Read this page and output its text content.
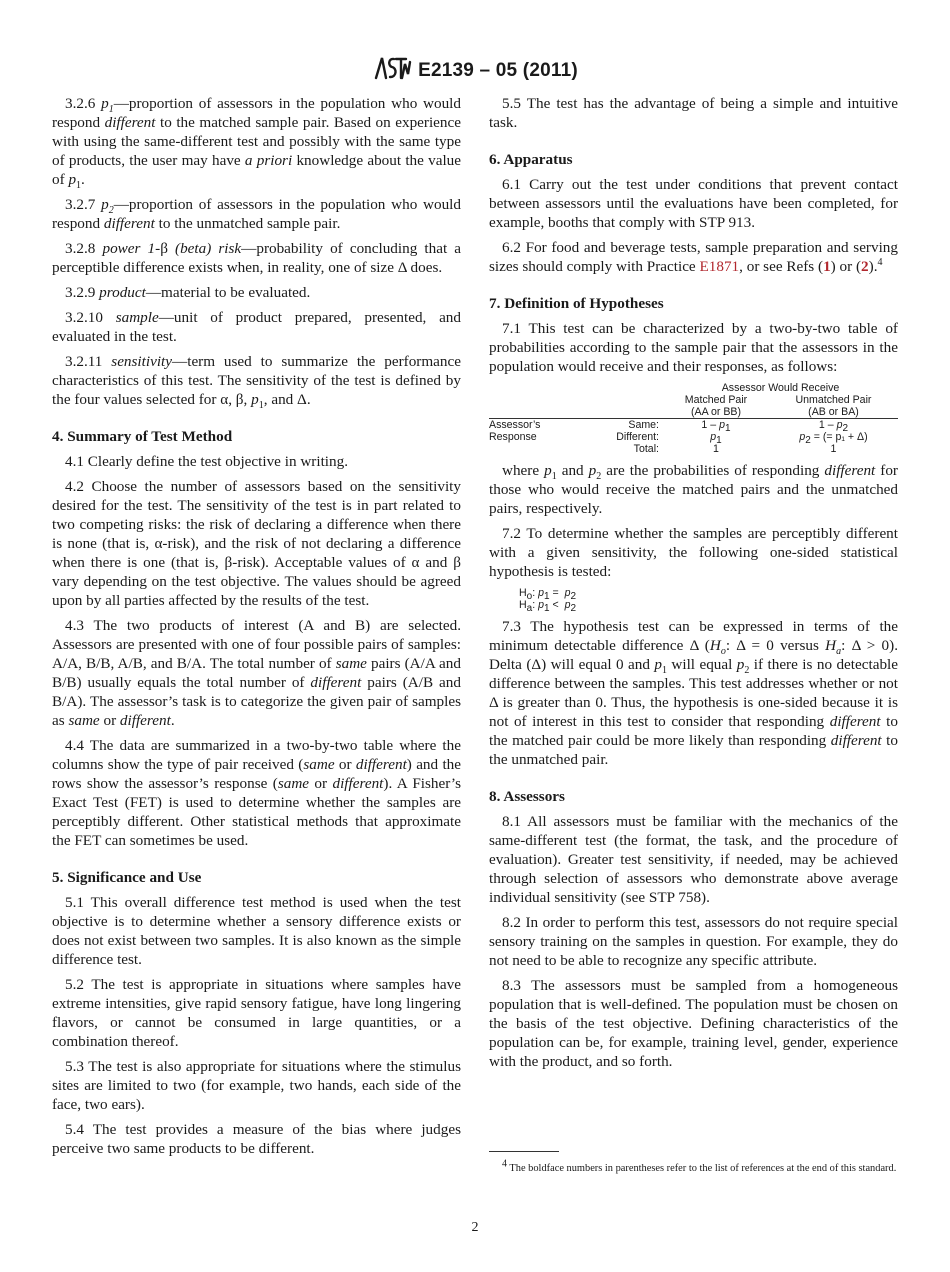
E2139 – 05 (2011)

3.2.6 $p_1—proportion$ of assessors in the population who would respond different to the matched sample pair. Based on experience with using the same-different test and possibly with the same type of products, the user may have a priori knowledge about the value of $p_1$.

3.2.7 $p_2—proportion$ of assessors in the population who would respond different to the unmatched sample pair.

3.2.8 power 1-β (beta) risk—probability of concluding that a perceptible difference exists when, in reality, one of size Δ does.

3.2.9 product—material to be evaluated.

3.2.10 sample—unit of product prepared, presented, and evaluated in the test.

3.2.11 sensitivity—term used to summarize the performance characteristics of this test. The sensitivity of the test is defined by the four values selected for α, β, $p_1$, and Δ.

4. Summary of Test Method

4.1 Clearly define the test objective in writing.

4.2 Choose the number of assessors based on the sensitivity desired for the test. The sensitivity of the test is in part related to two competing risks: the risk of declaring a difference when there is none (that is, α-risk), and the risk of not declaring a difference when there is one (that is, β-risk). Acceptable values of α and β vary depending on the test objective. The values should be agreed upon by all parties affected by the results of the test.

4.3 The two products of interest (A and B) are selected. Assessors are presented with one of four possible pairs of samples: A/A, B/B, A/B, and B/A. The total number of same pairs (A/A and B/B) usually equals the total number of different pairs (A/B and B/A). The assessor’s task is to categorize the given pair of samples as same or different.

4.4 The data are summarized in a two-by-two table where the columns show the type of pair received (same or different) and the rows show the assessor’s response (same or different). A Fisher’s Exact Test (FET) is used to determine whether the samples are perceptibly different. Other statistical methods that approximate the FET can sometimes be used.

5. Significance and Use

5.1 This overall difference test method is used when the test objective is to determine whether a sensory difference exists or does not exist between two samples. It is also known as the simple difference test.

5.2 The test is appropriate in situations where samples have extreme intensities, give rapid sensory fatigue, have long lingering flavors, or cannot be consumed in large quantities, or a combination thereof.

5.3 The test is also appropriate for situations where the stimulus sites are limited to two (for example, two hands, each side of the face, two ears).

5.4 The test provides a measure of the bias where judges perceive two same products to be different.

5.5 The test has the advantage of being a simple and intuitive task.

6. Apparatus

6.1 Carry out the test under conditions that prevent contact between assessors until the evaluations have been completed, for example, booths that comply with STP 913.

6.2 For food and beverage tests, sample preparation and serving sizes should comply with Practice E1871, or see Refs (1) or (2).$^4$

7. Definition of Hypotheses

7.1 This test can be characterized by a two-by-two table of probabilities according to the sample pair that the assessors in the population would receive and their responses, as follows:

		Assessor Would Receive	
		Matched Pair	Unmatched Pair
		(AA or BB)	(AB or BA)
Assessor’s	Same:	$1 - p_1$	$1 - p_2$
Response	Different:	$p_1$	$p_2$ = (= p₁ + Δ)
	Total:	1	1

where $p_1$ and $p_2$ are the probabilities of responding different for those who would receive the matched pairs and the unmatched pairs, respectively.

7.2 To determine whether the samples are perceptibly different with a given sensitivity, the following one-sided statistical hypothesis is tested:

$H_o$: $p_1 = p_2$
$H_a$: $p_1 < p_2$

7.3 The hypothesis test can be expressed in terms of the minimum detectable difference Δ ($H_o$: Δ = 0 versus $H_a$: Δ > 0). Delta (Δ) will equal 0 and $p_1$ will equal $p_2$ if there is no detectable difference between the samples. This test addresses whether or not Δ is greater than 0. Thus, the hypothesis is one-sided because it is not of interest in this test to consider that responding different to the matched pair could be more likely than responding different to the unmatched pair.

8. Assessors

8.1 All assessors must be familiar with the mechanics of the same-different test (the format, the task, and the procedure of evaluation). Greater test sensitivity, if needed, may be achieved through selection of assessors who demonstrate above average individual sensitivity (see STP 758).

8.2 In order to perform this test, assessors do not require special sensory training on the samples in question. For example, they do not need to be able to recognize any specific attribute.

8.3 The assessors must be sampled from a homogeneous population that is well-defined. The population must be chosen on the basis of the test objective. Defining characteristics of the population can be, for example, training level, gender, experience with the product, and so forth.

$^4$ The boldface numbers in parentheses refer to the list of references at the end of this standard.

2
